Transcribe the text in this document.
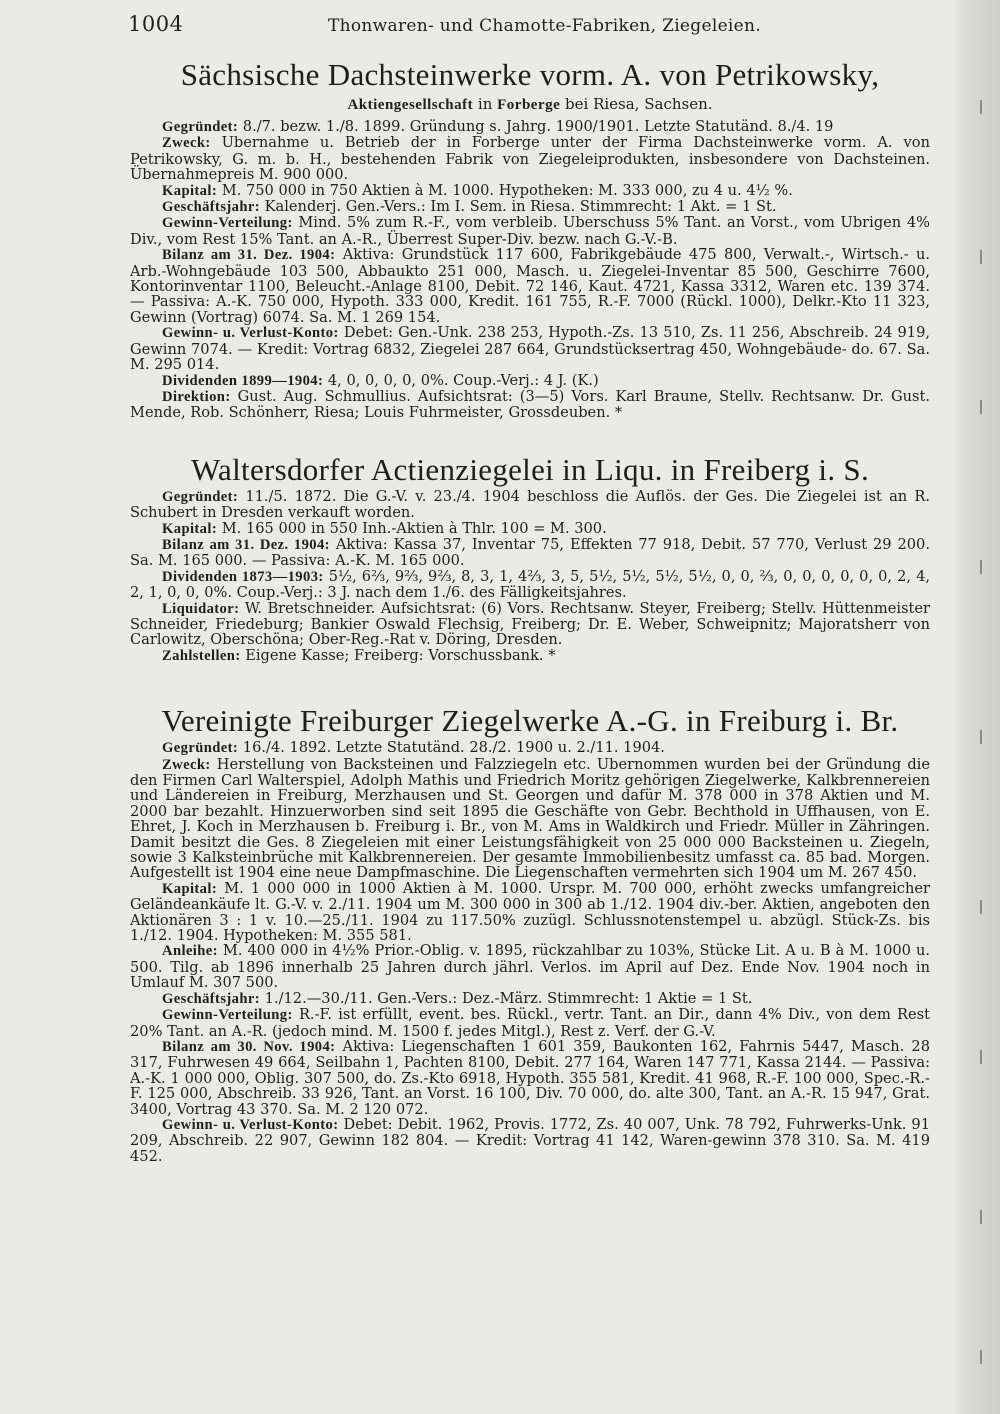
1004	Thonwaren- und Chamotte-Fabriken, Ziegeleien.
Sächsische Dachsteinwerke vorm. A. von Petrikowsky,
Aktiengesellschaft in Forberge bei Riesa, Sachsen.

Gegründet: 8./7. bezw. 1./8. 1899. Gründung s. Jahrg. 1900/1901. Letzte Statutänd. 8./4. 19

Zweck: Übernahme u. Betrieb der in Forberge unter der Firma Dachsteinwerke vorm. A. von Petrikowsky, G. m. b. H., bestehenden Fabrik von Ziegeleiprodukten, insbesondere von Dachsteinen. Übernahmepreis M. 900 000.

Kapital: M. 750 000 in 750 Aktien à M. 1000. Hypotheken: M. 333 000, zu 4 u. 4½ %.

Geschäftsjahr: Kalenderj. Gen.-Vers.: Im I. Sem. in Riesa. Stimmrecht: 1 Akt. = 1 St.

Gewinn-Verteilung: Mind. 5% zum R.-F., vom verbleib. Überschuss 5% Tant. an Vorst., vom Übrigen 4% Div., vom Rest 15% Tant. an A.-R., Überrest Super-Div. bezw. nach G.-V.-B.

Bilanz am 31. Dez. 1904: Aktiva: Grundstück 117 600, Fabrikgebäude 475 800, Verwalt.-, Wirtsch.- u. Arb.-Wohngebäude 103 500, Abbaukto 251 000, Masch. u. Ziegelei-Inventar 85 500, Geschirre 7600, Kontorinventar 1100, Beleucht.-Anlage 8100, Debit. 72 146, Kaut. 4721, Kassa 3312, Waren etc. 139 374. — Passiva: A.-K. 750 000, Hypoth. 333 000, Kredit. 161 755, R.-F. 7000 (Rückl. 1000), Delkr.-Kto 11 323, Gewinn (Vortrag) 6074. Sa. M. 1 269 154.

Gewinn- u. Verlust-Konto: Debet: Gen.-Unk. 238 253, Hypoth.-Zs. 13 510, Zs. 11 256, Abschreib. 24 919, Gewinn 7074. — Kredit: Vortrag 6832, Ziegelei 287 664, Grundstücksertrag 450, Wohngebäude- do. 67. Sa. M. 295 014.

Dividenden 1899—1904: 4, 0, 0, 0, 0, 0%. Coup.-Verj.: 4 J. (K.)

Direktion: Gust. Aug. Schmullius. Aufsichtsrat: (3—5) Vors. Karl Braune, Stellv. Rechtsanw. Dr. Gust. Mende, Rob. Schönherr, Riesa; Louis Fuhrmeister, Grossdeuben. *

Waltersdorfer Actienziegelei in Liqu. in Freiberg i. S.

Gegründet: 11./5. 1872. Die G.-V. v. 23./4. 1904 beschloss die Auflös. der Ges. Die Ziegelei ist an R. Schubert in Dresden verkauft worden.

Kapital: M. 165 000 in 550 Inh.-Aktien à Thlr. 100 = M. 300.

Bilanz am 31. Dez. 1904: Aktiva: Kassa 37, Inventar 75, Effekten 77 918, Debit. 57 770, Verlust 29 200. Sa. M. 165 000. — Passiva: A.-K. M. 165 000.

Dividenden 1873—1903: 5½, 6⅔, 9⅔, 9⅔, 8, 3, 1, 4⅔, 3, 5, 5½, 5½, 5½, 5½, 0, 0, ⅔, 0, 0, 0, 0, 0, 0, 2, 4, 2, 1, 0, 0, 0%. Coup.-Verj.: 3 J. nach dem 1./6. des Fälligkeitsjahres.

Liquidator: W. Bretschneider. Aufsichtsrat: (6) Vors. Rechtsanw. Steyer, Freiberg; Stellv. Hüttenmeister Schneider, Friedeburg; Bankier Oswald Flechsig, Freiberg; Dr. E. Weber, Schweipnitz; Majoratsherr von Carlowitz, Oberschöna; Ober-Reg.-Rat v. Döring, Dresden.

Zahlstellen: Eigene Kasse; Freiberg: Vorschussbank. *

Vereinigte Freiburger Ziegelwerke A.-G. in Freiburg i. Br.

Gegründet: 16./4. 1892. Letzte Statutänd. 28./2. 1900 u. 2./11. 1904.

Zweck: Herstellung von Backsteinen und Falzziegeln etc. Übernommen wurden bei der Gründung die den Firmen Carl Walterspiel, Adolph Mathis und Friedrich Moritz gehörigen Ziegelwerke, Kalkbrennereien und Ländereien in Freiburg, Merzhausen und St. Georgen und dafür M. 378 000 in 378 Aktien und M. 2000 bar bezahlt. Hinzuerworben sind seit 1895 die Geschäfte von Gebr. Bechthold in Uffhausen, von E. Ehret, J. Koch in Merzhausen b. Freiburg i. Br., von M. Ams in Waldkirch und Friedr. Müller in Zähringen. Damit besitzt die Ges. 8 Ziegeleien mit einer Leistungsfähigkeit von 25 000 000 Backsteinen u. Ziegeln, sowie 3 Kalksteinbrüche mit Kalkbrennereien. Der gesamte Immobilienbesitz umfasst ca. 85 bad. Morgen. Aufgestellt ist 1904 eine neue Dampfmaschine. Die Liegenschaften vermehrten sich 1904 um M. 267 450.

Kapital: M. 1 000 000 in 1000 Aktien à M. 1000. Urspr. M. 700 000, erhöht zwecks umfangreicher Geländeankäufe lt. G.-V. v. 2./11. 1904 um M. 300 000 in 300 ab 1./12. 1904 div.-ber. Aktien, angeboten den Aktionären 3 : 1 v. 10.—25./11. 1904 zu 117.50% zuzügl. Schlussnotenstempel u. abzügl. Stück-Zs. bis 1./12. 1904. Hypotheken: M. 355 581.

Anleihe: M. 400 000 in 4½% Prior.-Oblig. v. 1895, rückzahlbar zu 103%, Stücke Lit. A u. B à M. 1000 u. 500. Tilg. ab 1896 innerhalb 25 Jahren durch jährl. Verlos. im April auf Dez. Ende Nov. 1904 noch in Umlauf M. 307 500.

Geschäftsjahr: 1./12.—30./11. Gen.-Vers.: Dez.-März. Stimmrecht: 1 Aktie = 1 St.

Gewinn-Verteilung: R.-F. ist erfüllt, event. bes. Rückl., vertr. Tant. an Dir., dann 4% Div., von dem Rest 20% Tant. an A.-R. (jedoch mind. M. 1500 f. jedes Mitgl.), Rest z. Verf. der G.-V.

Bilanz am 30. Nov. 1904: Aktiva: Liegenschaften 1 601 359, Baukonten 162, Fahrnis 5447, Masch. 28 317, Fuhrwesen 49 664, Seilbahn 1, Pachten 8100, Debit. 277 164, Waren 147 771, Kassa 2144. — Passiva: A.-K. 1 000 000, Oblig. 307 500, do. Zs.-Kto 6918, Hypoth. 355 581, Kredit. 41 968, R.-F. 100 000, Spec.-R.-F. 125 000, Abschreib. 33 926, Tant. an Vorst. 16 100, Div. 70 000, do. alte 300, Tant. an A.-R. 15 947, Grat. 3400, Vortrag 43 370. Sa. M. 2 120 072.

Gewinn- u. Verlust-Konto: Debet: Debit. 1962, Provis. 1772, Zs. 40 007, Unk. 78 792, Fuhrwerks-Unk. 91 209, Abschreib. 22 907, Gewinn 182 804. — Kredit: Vortrag 41 142, Waren-gewinn 378 310. Sa. M. 419 452.
